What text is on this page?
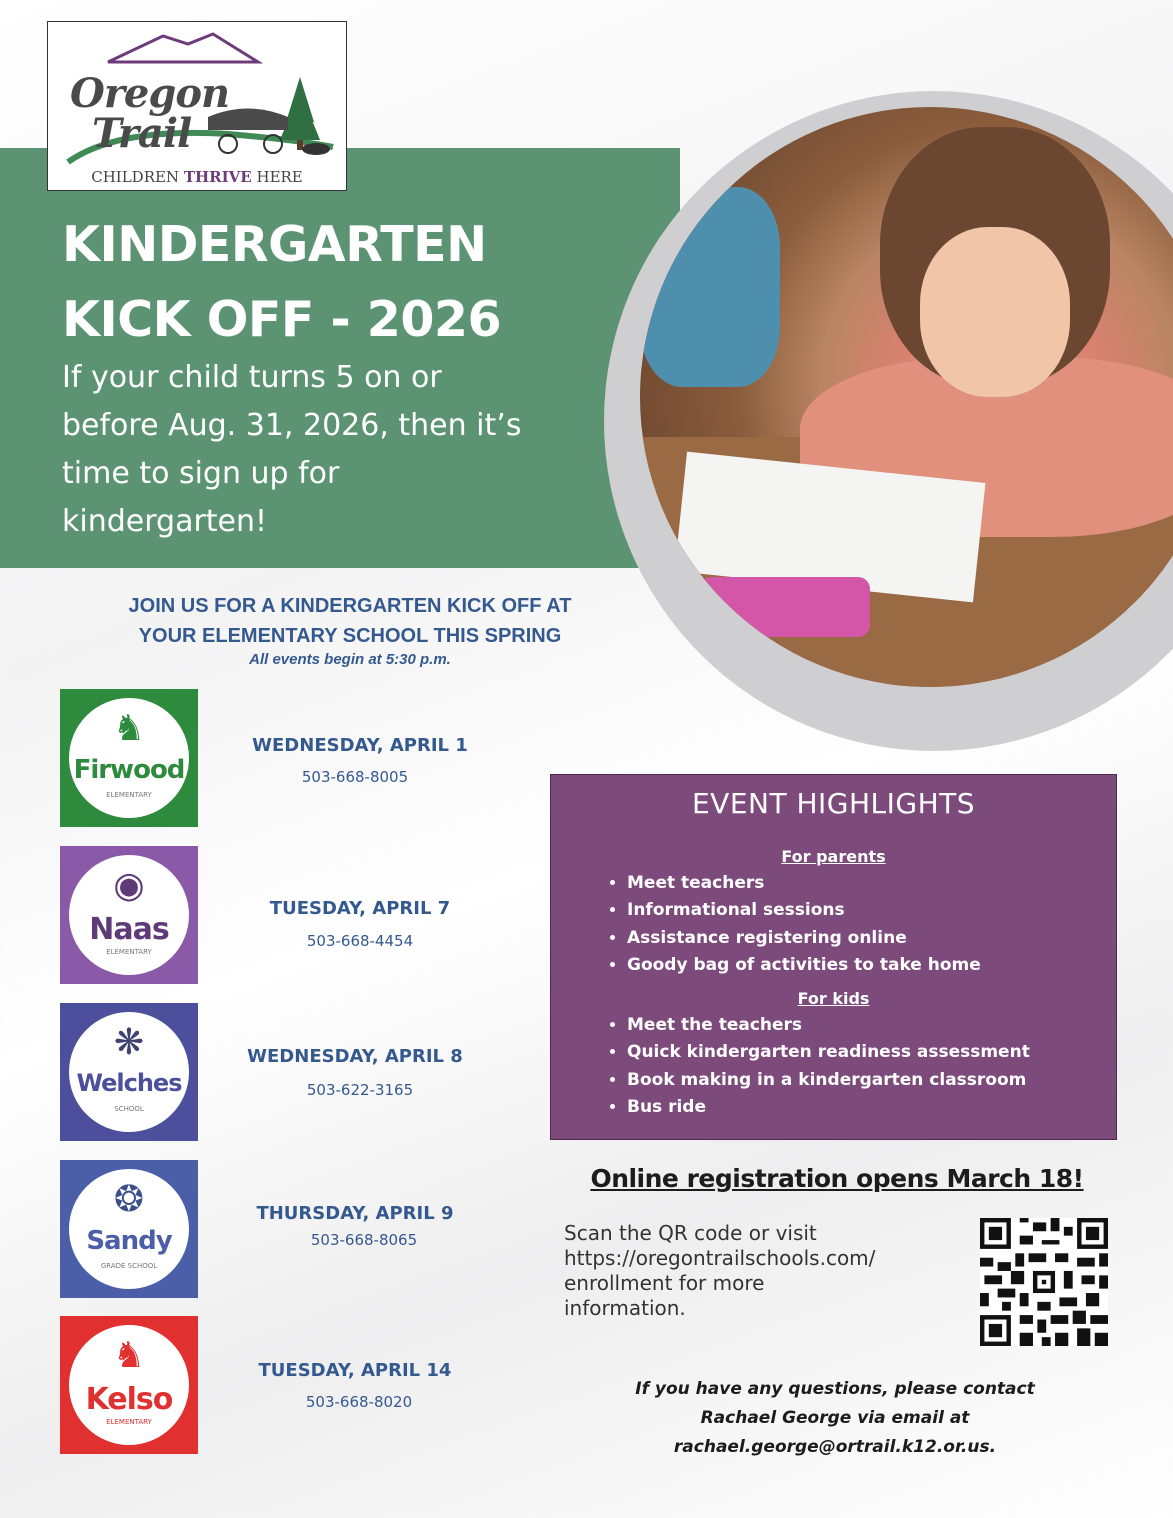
Oregon
Trail
CHILDREN THRIVE HERE
KINDERGARTEN
KICK OFF - 2026
If your child turns 5 on or before Aug. 31, 2026, then it’s time to sign up for kindergarten!
JOIN US FOR A KINDERGARTEN KICK OFF AT
YOUR ELEMENTARY SCHOOL THIS SPRING
All events begin at 5:30 p.m.
♞
Firwood
ELEMENTARY
WEDNESDAY, APRIL 1
503-668-8005
◉
Naas
ELEMENTARY
TUESDAY, APRIL 7
503-668-4454
❋
Welches
SCHOOL
WEDNESDAY, APRIL 8
503-622-3165
❂
Sandy
GRADE SCHOOL
THURSDAY, APRIL 9
503-668-8065
♞
Kelso
ELEMENTARY
TUESDAY, APRIL 14
503-668-8020
EVENT HIGHLIGHTS
For parents
• Meet teachers
• Informational sessions
• Assistance registering online
• Goody bag of activities to take home
For kids
• Meet the teachers
• Quick kindergarten readiness assessment
• Book making in a kindergarten classroom
• Bus ride
Online registration opens March 18!
Scan the QR code or visit
https://oregontrailschools.com/
enrollment for more
information.
If you have any questions, please contact
Rachael George via email at
rachael.george@ortrail.k12.or.us.
